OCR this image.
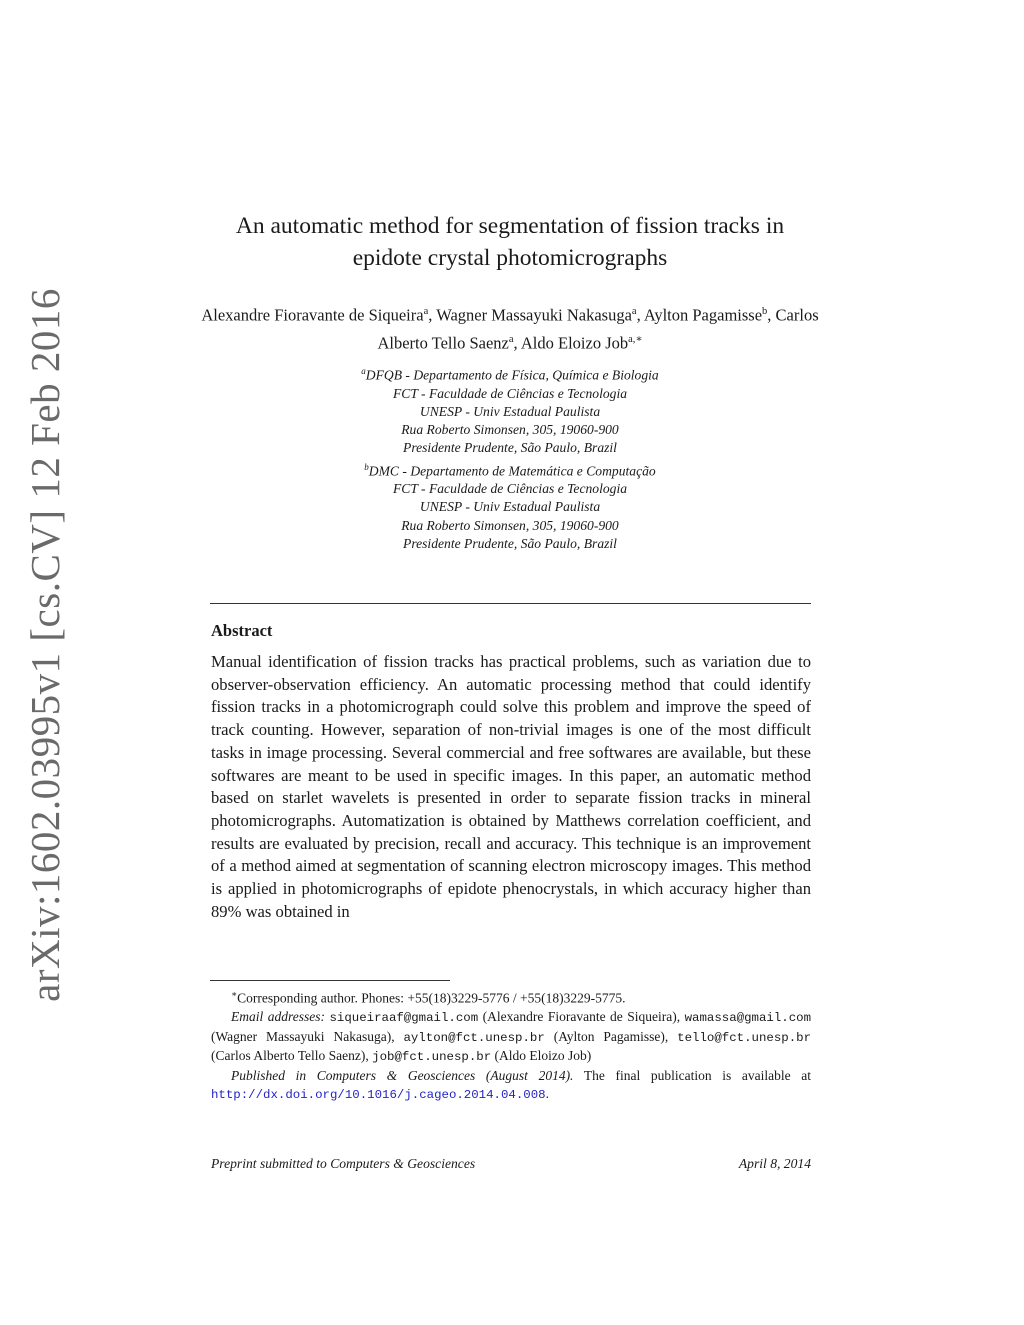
arXiv:1602.03995v1 [cs.CV] 12 Feb 2016
An automatic method for segmentation of fission tracks in
epidote crystal photomicrographs
Alexandre Fioravante de Siqueira$^a$, Wagner Massayuki Nakasuga$^a$, Aylton Pagamisse$^b$, Carlos Alberto Tello Saenz$^a$, Aldo Eloizo Job$^{a,∗}$
$^a$DFQB - Departamento de Física, Química e Biologia
FCT - Faculdade de Ciências e Tecnologia
UNESP - Univ Estadual Paulista
Rua Roberto Simonsen, 305, 19060-900
Presidente Prudente, São Paulo, Brazil
$^b$DMC - Departamento de Matemática e Computação
FCT - Faculdade de Ciências e Tecnologia
UNESP - Univ Estadual Paulista
Rua Roberto Simonsen, 305, 19060-900
Presidente Prudente, São Paulo, Brazil
Abstract
Manual identification of fission tracks has practical problems, such as variation due to observer-observation efficiency. An automatic processing method that could identify fission tracks in a photomicrograph could solve this problem and improve the speed of track counting. However, separation of non-trivial images is one of the most difficult tasks in image processing. Several commercial and free softwares are available, but these softwares are meant to be used in specific images. In this paper, an automatic method based on starlet wavelets is presented in order to separate fission tracks in mineral photomicrographs. Automatization is obtained by Matthews correlation coefficient, and results are evaluated by precision, recall and accuracy. This technique is an improvement of a method aimed at segmentation of scanning electron microscopy images. This method is applied in photomicrographs of epidote phenocrystals, in which accuracy higher than 89% was obtained in

∗Corresponding author. Phones: +55(18)3229-5776 / +55(18)3229-5775.

Email addresses: siqueiraaf@gmail.com (Alexandre Fioravante de Siqueira), wamassa@gmail.com (Wagner Massayuki Nakasuga), aylton@fct.unesp.br (Aylton Pagamisse), tello@fct.unesp.br (Carlos Alberto Tello Saenz), job@fct.unesp.br (Aldo Eloizo Job)

Published in Computers & Geosciences (August 2014). The final publication is available at http://dx.doi.org/10.1016/j.cageo.2014.04.008.

Preprint submitted to Computers & Geosciences	April 8, 2014
